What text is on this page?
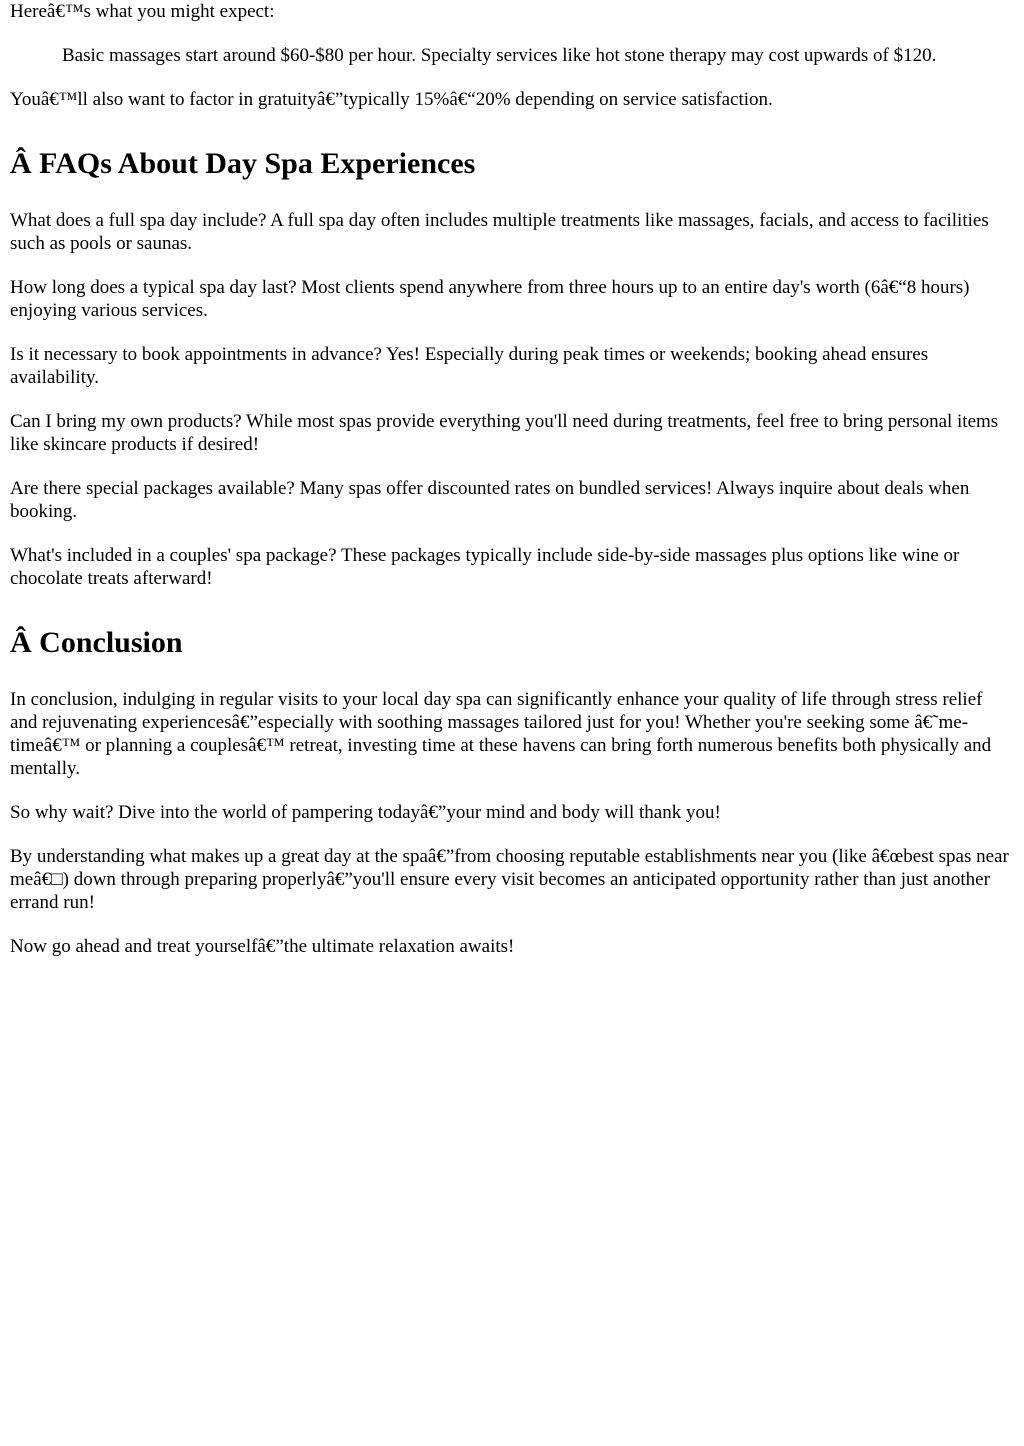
Hereâ€™s what you might expect:

Basic massages start around $60-$80 per hour. Specialty services like hot stone therapy may cost upwards of $120.

Youâ€™ll also want to factor in gratuityâ€”typically 15%â€“20% depending on service satisfaction.

Â FAQs About Day Spa Experiences

What does a full spa day include? A full spa day often includes multiple treatments like massages, facials, and access to facilities such as pools or saunas.

How long does a typical spa day last? Most clients spend anywhere from three hours up to an entire day's worth (6â€“8 hours) enjoying various services.

Is it necessary to book appointments in advance? Yes! Especially during peak times or weekends; booking ahead ensures availability.

Can I bring my own products? While most spas provide everything you'll need during treatments, feel free to bring personal items like skincare products if desired!

Are there special packages available? Many spas offer discounted rates on bundled services! Always inquire about deals when booking.

What's included in a couples' spa package? These packages typically include side-by-side massages plus options like wine or chocolate treats afterward!

Â Conclusion

In conclusion, indulging in regular visits to your local day spa can significantly enhance your quality of life through stress relief and rejuvenating experiencesâ€”especially with soothing massages tailored just for you! Whether you're seeking some â€˜me-timeâ€™ or planning a couplesâ€™ retreat, investing time at these havens can bring forth numerous benefits both physically and mentally.

So why wait? Dive into the world of pampering todayâ€”your mind and body will thank you!

By understanding what makes up a great day at the spaâ€”from choosing reputable establishments near you (like â€œbest spas near meâ€□) down through preparing properlyâ€”you'll ensure every visit becomes an anticipated opportunity rather than just another errand run!

Now go ahead and treat yourselfâ€”the ultimate relaxation awaits!
